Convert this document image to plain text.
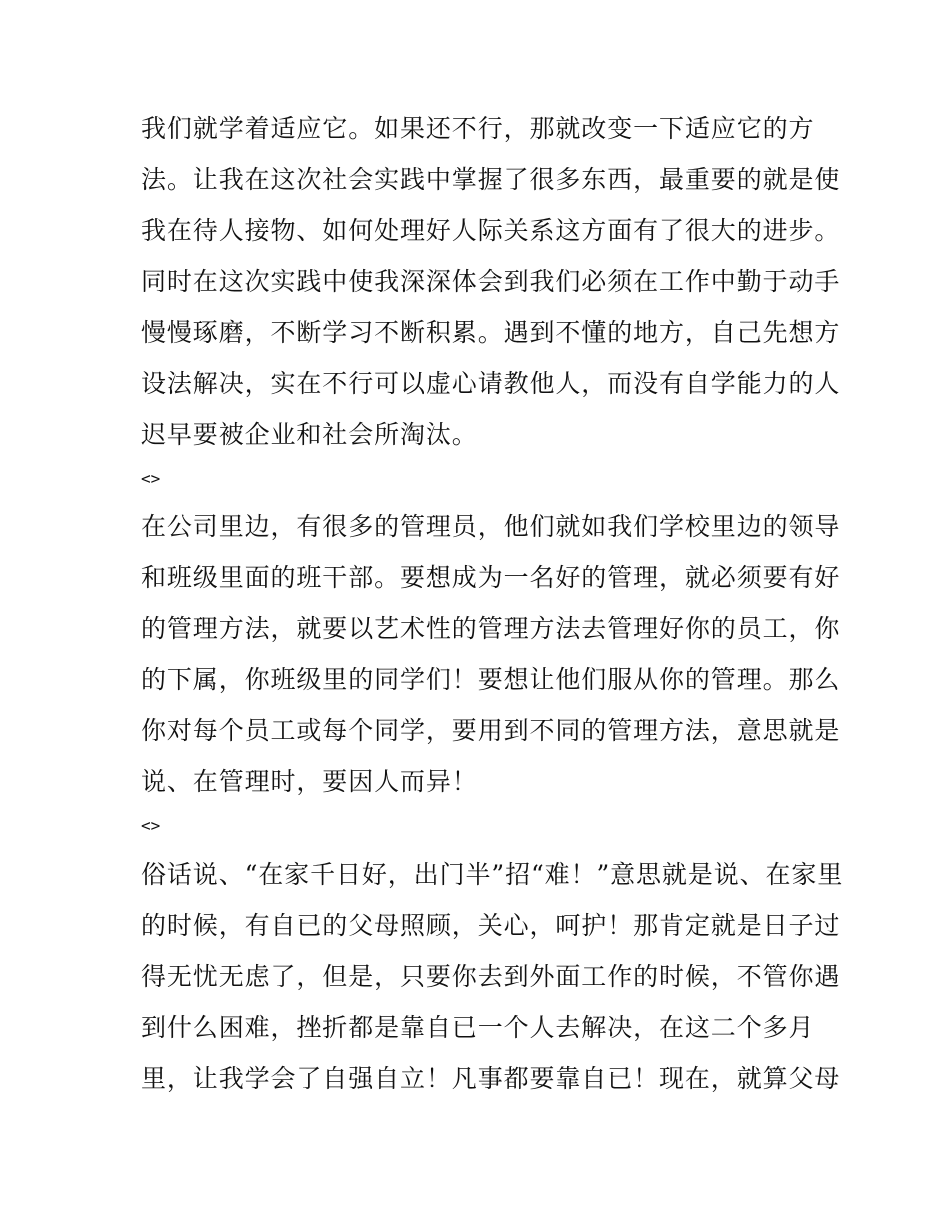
我们就学着适应它。如果还不行，那就改变一下适应它的方
法。让我在这次社会实践中掌握了很多东西，最重要的就是使
我在待人接物、如何处理好人际关系这方面有了很大的进步。
同时在这次实践中使我深深体会到我们必须在工作中勤于动手
慢慢琢磨，不断学习不断积累。遇到不懂的地方，自己先想方
设法解决，实在不行可以虚心请教他人，而没有自学能力的人
迟早要被企业和社会所淘汰。
<>
在公司里边，有很多的管理员，他们就如我们学校里边的领导
和班级里面的班干部。要想成为一名好的管理，就必须要有好
的管理方法，就要以艺术性的管理方法去管理好你的员工，你
的下属，你班级里的同学们！要想让他们服从你的管理。那么
你对每个员工或每个同学，要用到不同的管理方法，意思就是
说、在管理时，要因人而异！
<>
俗话说、“在家千日好，出门半”招“难！”意思就是说、在家里
的时候，有自已的父母照顾，关心，呵护！那肯定就是日子过
得无忧无虑了，但是，只要你去到外面工作的时候，不管你遇
到什么困难，挫折都是靠自已一个人去解决，在这二个多月
里，让我学会了自强自立！凡事都要靠自已！现在，就算父母
